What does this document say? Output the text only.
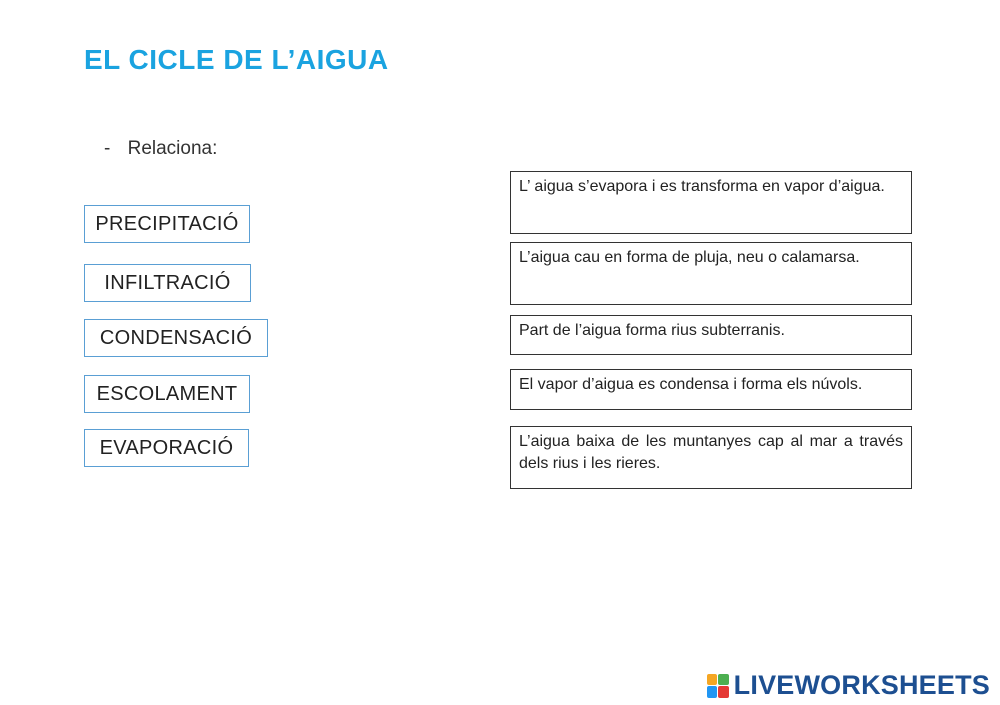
EL CICLE DE L’AIGUA
- Relaciona:
PRECIPITACIÓ
INFILTRACIÓ
CONDENSACIÓ
ESCOLAMENT
EVAPORACIÓ
L’ aigua s’evapora i es transforma en vapor d’aigua.
L’aigua cau en forma de pluja, neu o calamarsa.
Part de l’aigua forma rius subterranis.
El vapor d’aigua es condensa i forma els núvols.
L’aigua baixa de les muntanyes cap al mar a través dels rius i les rieres.
LIVEWORKSHEETS
